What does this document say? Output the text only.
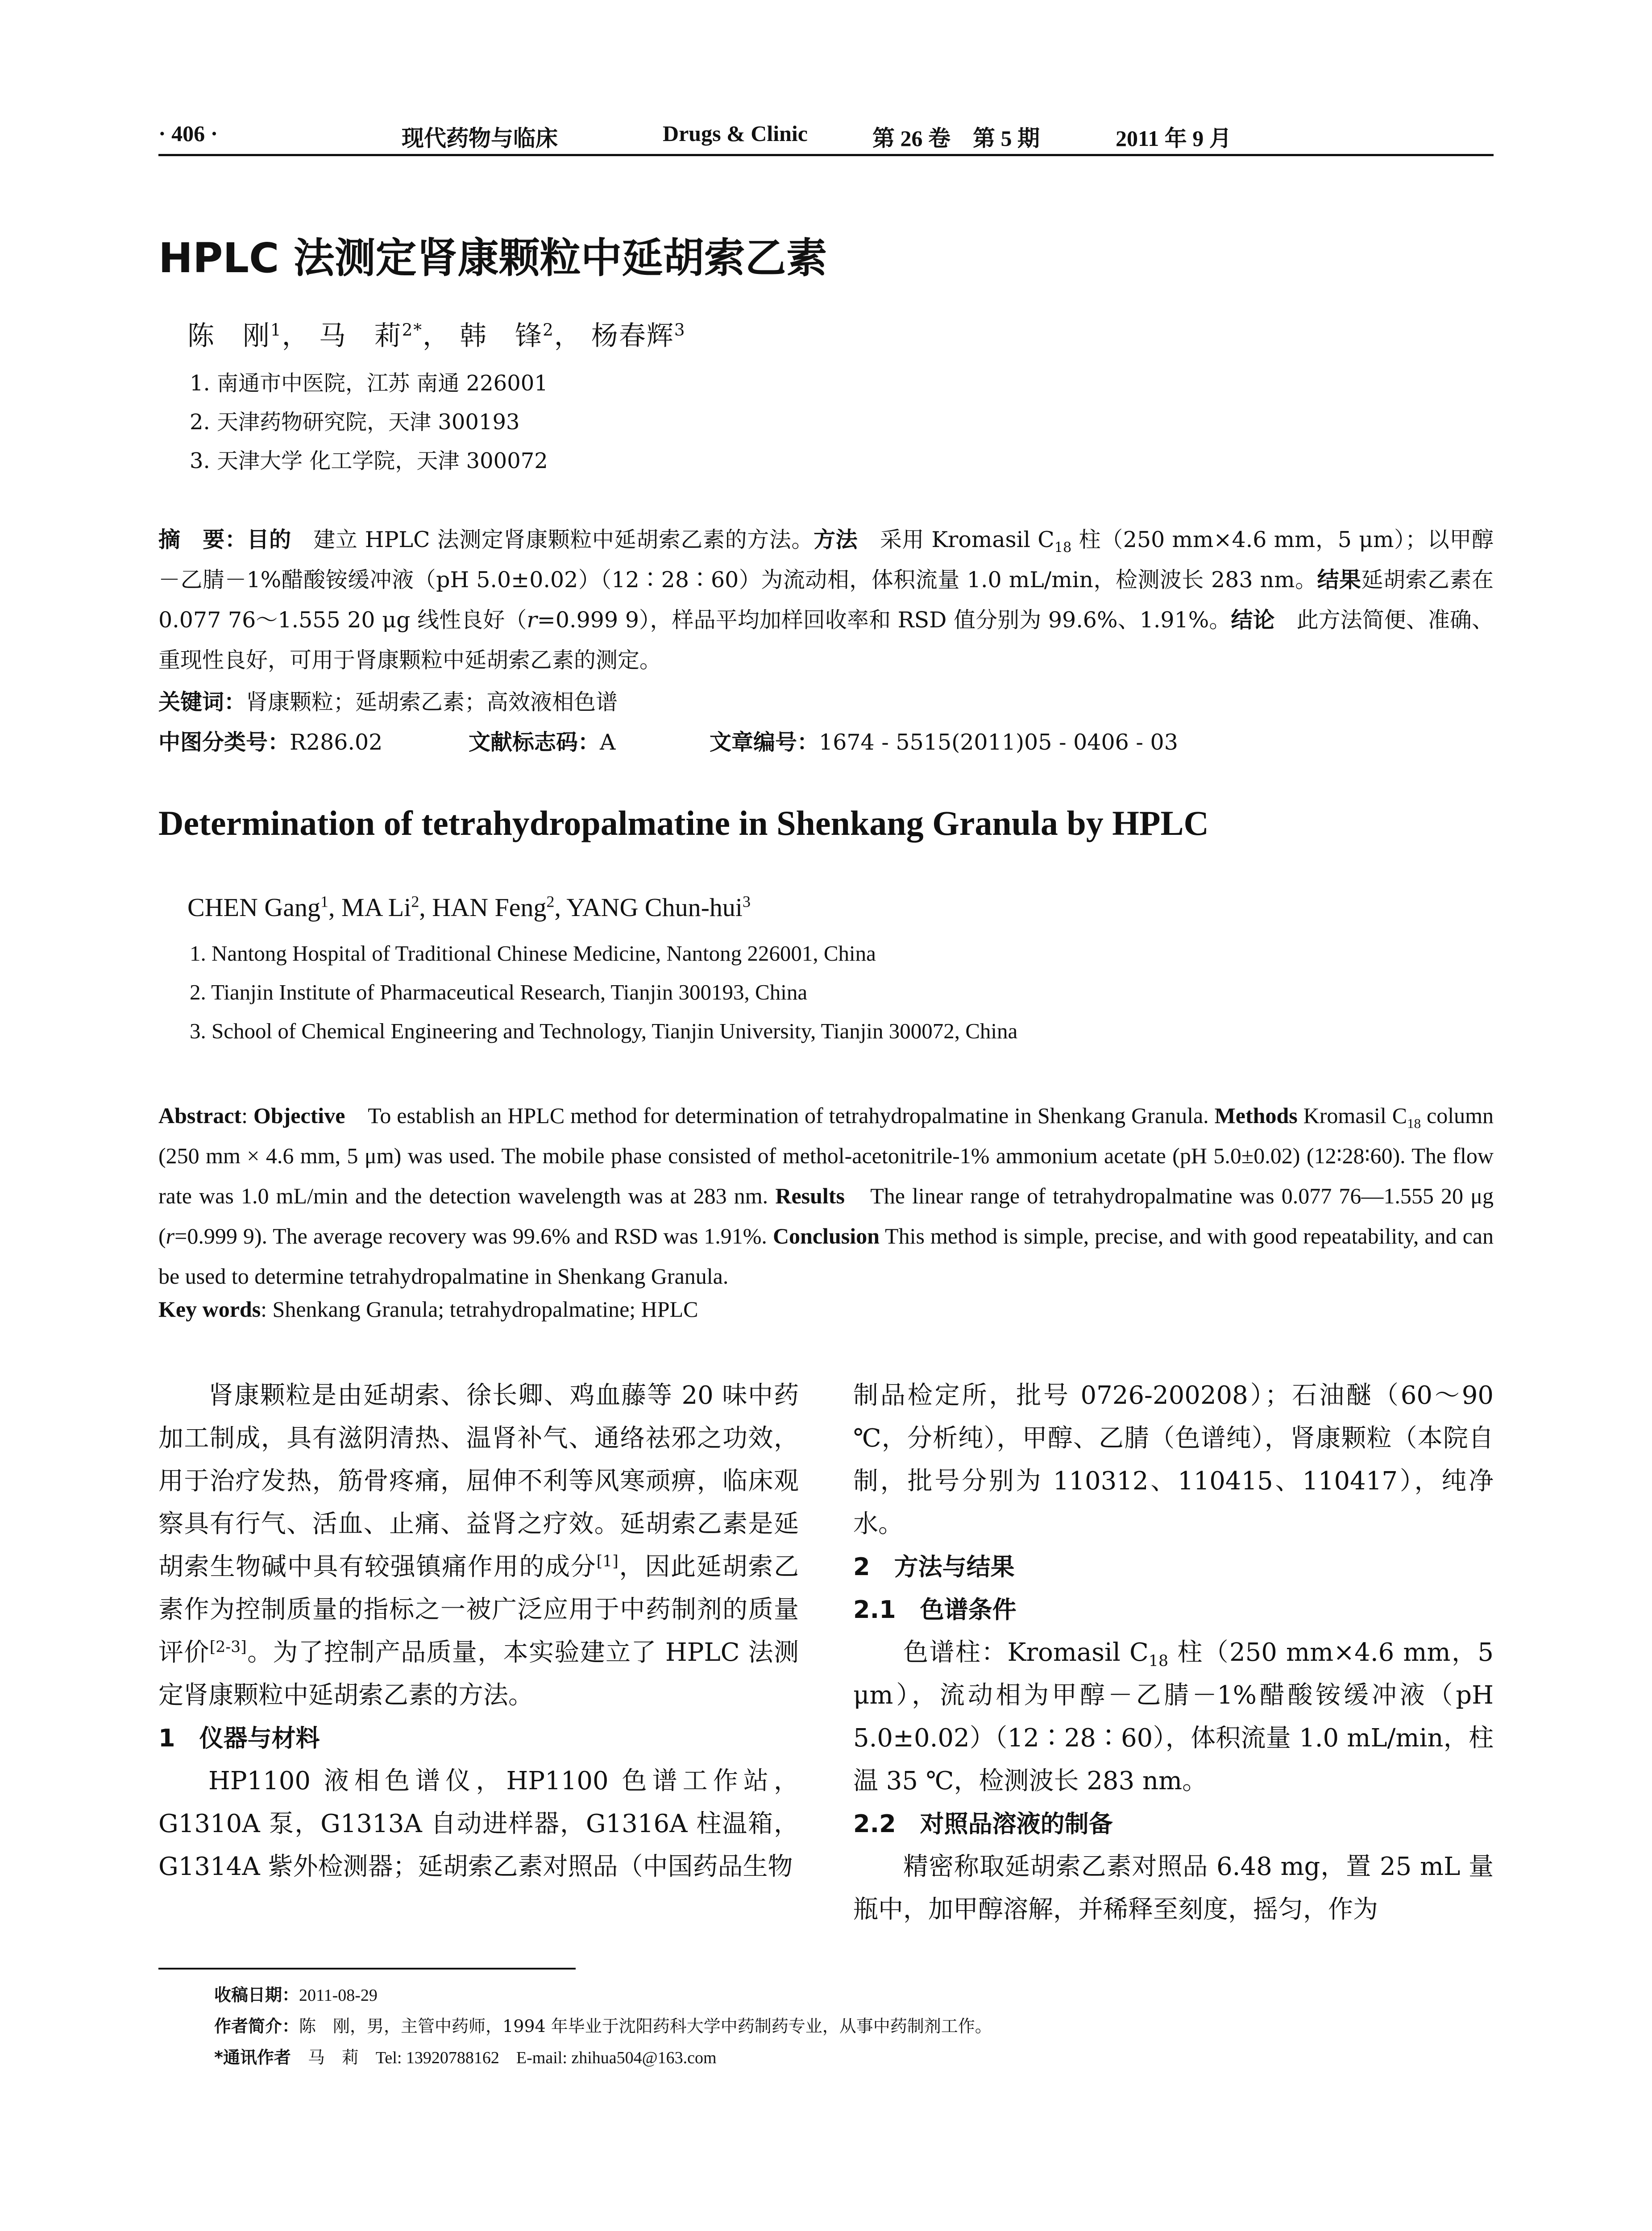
· 406 ·	现代药物与临床	Drugs & Clinic	第 26 卷　第 5 期	2011 年 9 月
HPLC 法测定肾康颗粒中延胡索乙素
陈　刚$^1$， 马　莉$^{2*}$， 韩　锋$^2$， 杨春辉$^3$
1. 南通市中医院，江苏 南通 226001
2. 天津药物研究院，天津 300193
3. 天津大学 化工学院，天津 300072
摘　要：目的　建立 HPLC 法测定肾康颗粒中延胡索乙素的方法。方法　采用 Kromasil $C_{18}$ 柱（250 mm×4.6 mm，5 μm）；以甲醇－乙腈－1%醋酸铵缓冲液（pH 5.0±0.02）（12∶28∶60）为流动相，体积流量 1.0 mL/min，检测波长 283 nm。结果延胡索乙素在 0.077 76～1.555 20 μg 线性良好（r=0.999 9），样品平均加样回收率和 RSD 值分别为 99.6%、1.91%。结论　此方法简便、准确、重现性良好，可用于肾康颗粒中延胡索乙素的测定。
关键词：肾康颗粒；延胡索乙素；高效液相色谱
中图分类号：R286.02	文献标志码：A	文章编号：1674 - 5515(2011)05 - 0406 - 03
Determination of tetrahydropalmatine in Shenkang Granula by HPLC
CHEN Gang$^1$, MA Li$^2$, HAN Feng$^2$, YANG Chun-hui$^3$
1. Nantong Hospital of Traditional Chinese Medicine, Nantong 226001, China
2. Tianjin Institute of Pharmaceutical Research, Tianjin 300193, China
3. School of Chemical Engineering and Technology, Tianjin University, Tianjin 300072, China
Abstract: Objective　To establish an HPLC method for determination of tetrahydropalmatine in Shenkang Granula. Methods Kromasil $C_{18}$ column (250 mm × 4.6 mm, 5 μm) was used. The mobile phase consisted of methol-acetonitrile-1% ammonium acetate (pH 5.0±0.02) (12∶28∶60). The flow rate was 1.0 mL/min and the detection wavelength was at 283 nm. Results　The linear range of tetrahydropalmatine was 0.077 76—1.555 20 μg (r=0.999 9). The average recovery was 99.6% and RSD was 1.91%. Conclusion This method is simple, precise, and with good repeatability, and can be used to determine tetrahydropalmatine in Shenkang Granula.
Key words: Shenkang Granula; tetrahydropalmatine; HPLC

肾康颗粒是由延胡索、徐长卿、鸡血藤等 20 味中药加工制成，具有滋阴清热、温肾补气、通络祛邪之功效，用于治疗发热，筋骨疼痛，屈伸不利等风寒顽痹，临床观察具有行气、活血、止痛、益肾之疗效。延胡索乙素是延胡索生物碱中具有较强镇痛作用的成分[1]，因此延胡索乙素作为控制质量的指标之一被广泛应用于中药制剂的质量评价[2-3]。为了控制产品质量，本实验建立了 HPLC 法测定肾康颗粒中延胡索乙素的方法。

1　仪器与材料

HP1100 液相色谱仪，HP1100 色谱工作站，G1310A 泵，G1313A 自动进样器，G1316A 柱温箱，G1314A 紫外检测器；延胡索乙素对照品（中国药品生物

制品检定所，批号 0726-200208）；石油醚（60～90 ℃，分析纯），甲醇、乙腈（色谱纯），肾康颗粒（本院自制，批号分别为 110312、110415、110417），纯净水。

2　方法与结果

2.1　色谱条件

色谱柱：Kromasil $C_{18}$ 柱（250 mm×4.6 mm，5 μm），流动相为甲醇－乙腈－1%醋酸铵缓冲液（pH 5.0±0.02）（12∶28∶60），体积流量 1.0 mL/min，柱温 35 ℃，检测波长 283 nm。

2.2　对照品溶液的制备

精密称取延胡索乙素对照品 6.48 mg，置 25 mL 量瓶中，加甲醇溶解，并稀释至刻度，摇匀，作为

收稿日期：2011-08-29
作者简介：陈　刚，男，主管中药师，1994 年毕业于沈阳药科大学中药制药专业，从事中药制剂工作。
*通讯作者　马　莉　Tel: 13920788162　E-mail: zhihua504@163.com
